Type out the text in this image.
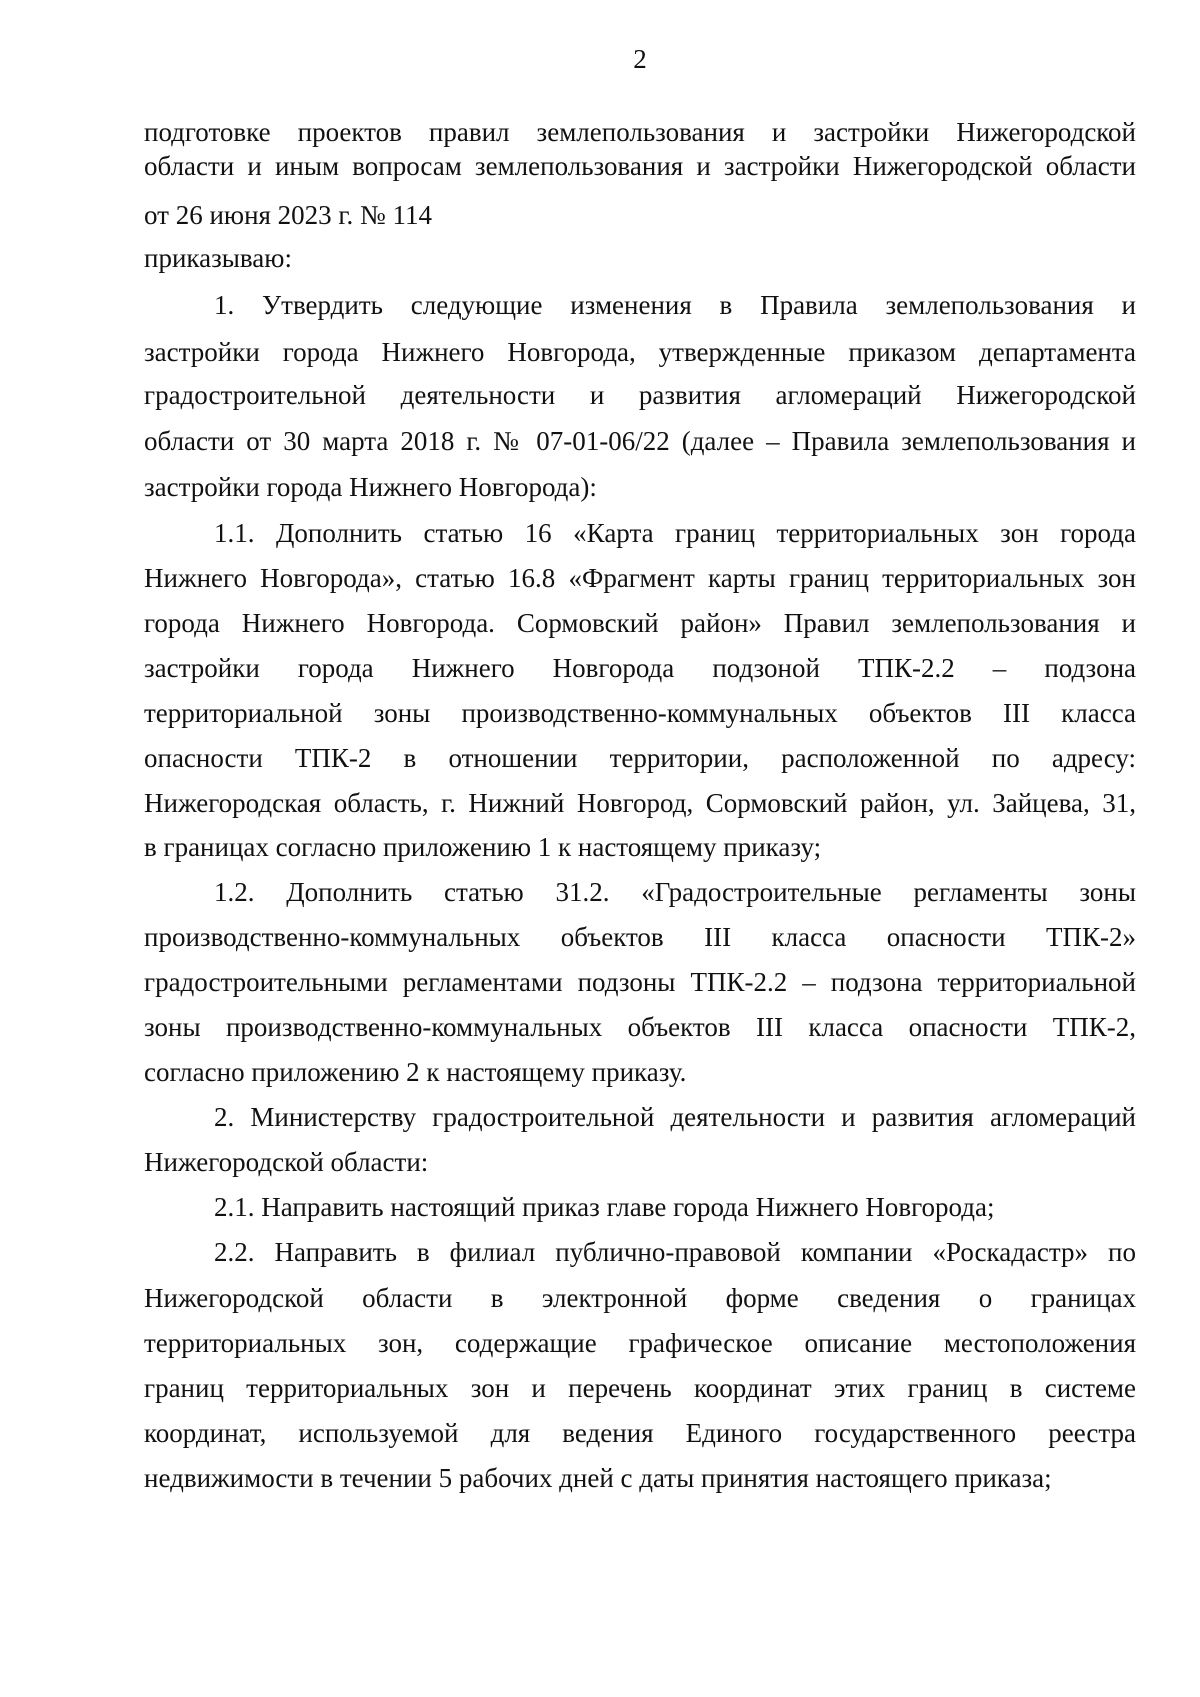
2
подготовке проектов правил землепользования и застройки Нижегородской
области и иным вопросам землепользования и застройки Нижегородской области
от 26 июня 2023 г. № 114
приказываю:
1. Утвердить следующие изменения в Правила землепользования и
застройки города Нижнего Новгорода, утвержденные приказом департамента
градостроительной деятельности и развития агломераций Нижегородской
области от 30 марта 2018 г. № 07-01-06/22 (далее – Правила землепользования и
застройки города Нижнего Новгорода):
1.1. Дополнить статью 16 «Карта границ территориальных зон города
Нижнего Новгорода», статью 16.8 «Фрагмент карты границ территориальных зон
города Нижнего Новгорода. Сормовский район» Правил землепользования и
застройки города Нижнего Новгорода подзоной ТПК-2.2 – подзона
территориальной зоны производственно-коммунальных объектов III класса
опасности ТПК-2 в отношении территории, расположенной по адресу:
Нижегородская область, г. Нижний Новгород, Сормовский район, ул. Зайцева, 31,
в границах согласно приложению 1 к настоящему приказу;
1.2. Дополнить статью 31.2. «Градостроительные регламенты зоны
производственно-коммунальных объектов III класса опасности ТПК-2»
градостроительными регламентами подзоны ТПК-2.2 – подзона территориальной
зоны производственно-коммунальных объектов III класса опасности ТПК-2,
согласно приложению 2 к настоящему приказу.
2. Министерству градостроительной деятельности и развития агломераций
Нижегородской области:
2.1. Направить настоящий приказ главе города Нижнего Новгорода;
2.2. Направить в филиал публично-правовой компании «Роскадастр» по
Нижегородской области в электронной форме сведения о границах
территориальных зон, содержащие графическое описание местоположения
границ территориальных зон и перечень координат этих границ в системе
координат, используемой для ведения Единого государственного реестра
недвижимости в течении 5 рабочих дней с даты принятия настоящего приказа;
